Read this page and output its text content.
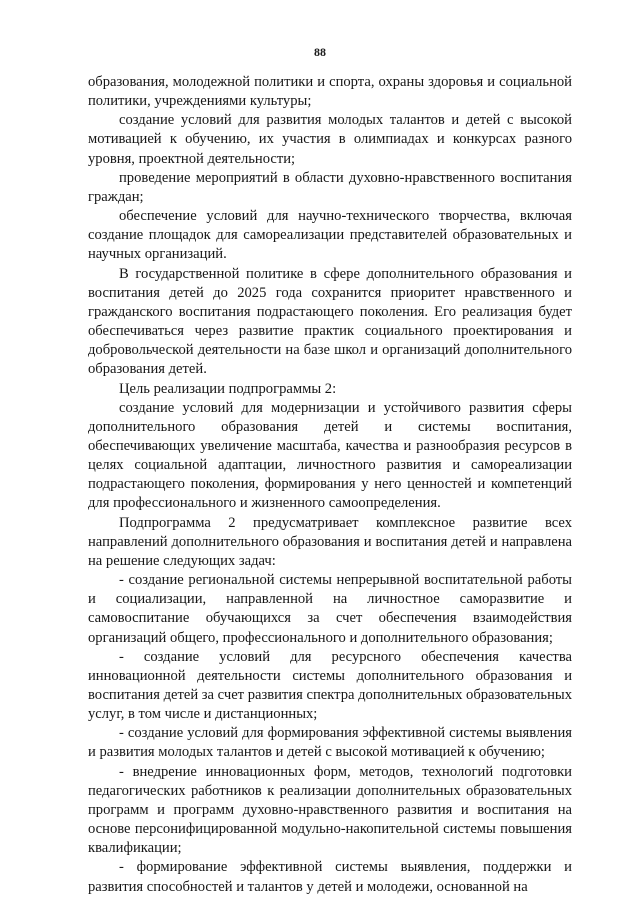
88

образования, молодежной политики и спорта, охраны здоровья и социальной политики, учреждениями культуры;

создание условий для развития молодых талантов и детей с высокой мотивацией к обучению, их участия в олимпиадах и конкурсах разного уровня, проектной деятельности;

проведение мероприятий в области духовно-нравственного воспитания граждан;

обеспечение условий для научно-технического творчества, включая создание площадок для самореализации представителей образовательных и научных организаций.

В государственной политике в сфере дополнительного образования и воспитания детей до 2025 года сохранится приоритет нравственного и гражданского воспитания подрастающего поколения. Его реализация будет обеспечиваться через развитие практик социального проектирования и добровольческой деятельности на базе школ и организаций дополнительного образования детей.

Цель реализации подпрограммы 2:

создание условий для модернизации и устойчивого развития сферы дополнительного образования детей и системы воспитания, обеспечивающих увеличение масштаба, качества и разнообразия ресурсов в целях социальной адаптации, личностного развития и самореализации подрастающего поколения, формирования у него ценностей и компетенций для профессионального и жизненного самоопределения.

Подпрограмма 2 предусматривает комплексное развитие всех направлений дополнительного образования и воспитания детей и направлена на решение следующих задач:

- создание региональной системы непрерывной воспитательной работы и социализации, направленной на личностное саморазвитие и самовоспитание обучающихся за счет обеспечения взаимодействия организаций общего, профессионального и дополнительного образования;

- создание условий для ресурсного обеспечения качества инновационной деятельности системы дополнительного образования и воспитания детей за счет развития спектра дополнительных образовательных услуг, в том числе и дистанционных;

- создание условий для формирования эффективной системы выявления и развития молодых талантов и детей с высокой мотивацией к обучению;

- внедрение инновационных форм, методов, технологий подготовки педагогических работников к реализации дополнительных образовательных программ и программ духовно-нравственного развития и воспитания на основе персонифицированной модульно-накопительной системы повышения квалификации;

- формирование эффективной системы выявления, поддержки и развития способностей и талантов у детей и молодежи, основанной на
